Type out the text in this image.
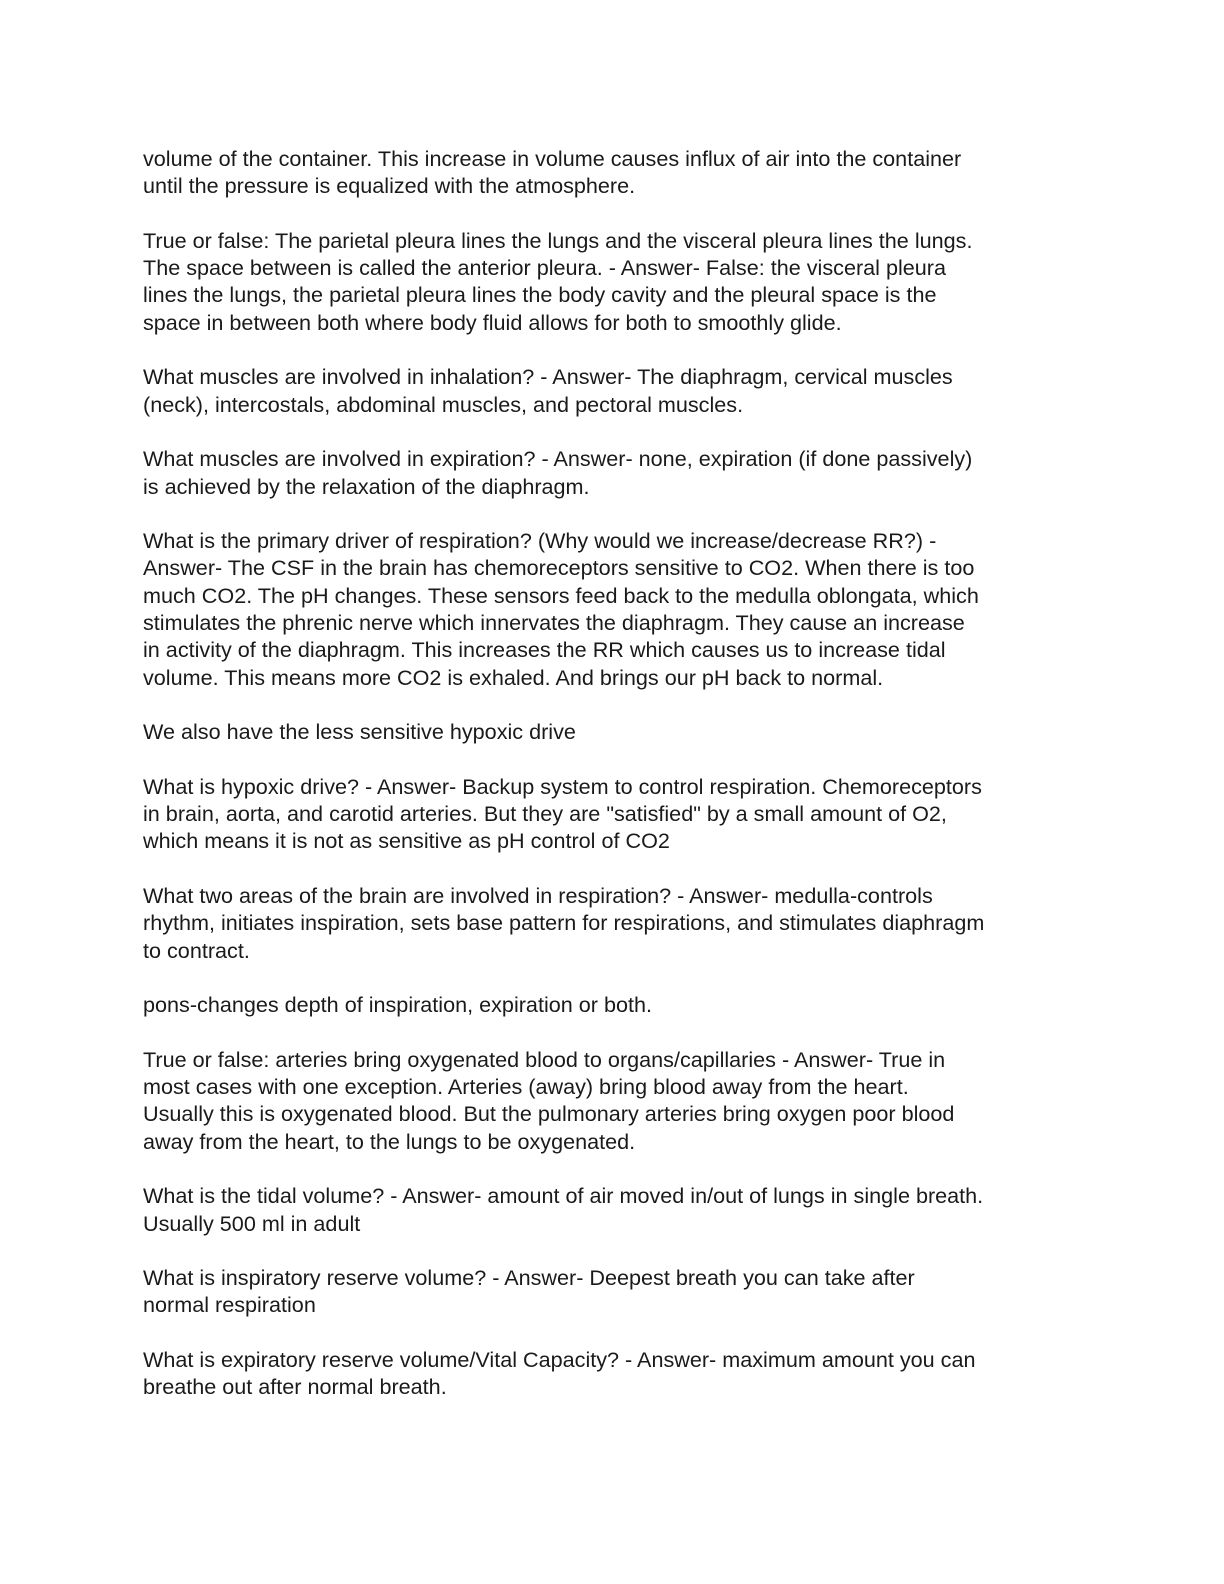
volume of the container. This increase in volume causes influx of air into the container
until the pressure is equalized with the atmosphere.

True or false: The parietal pleura lines the lungs and the visceral pleura lines the lungs.
The space between is called the anterior pleura. - Answer- False: the visceral pleura
lines the lungs, the parietal pleura lines the body cavity and the pleural space is the
space in between both where body fluid allows for both to smoothly glide.

What muscles are involved in inhalation? - Answer- The diaphragm, cervical muscles
(neck), intercostals, abdominal muscles, and pectoral muscles.

What muscles are involved in expiration? - Answer- none, expiration (if done passively)
is achieved by the relaxation of the diaphragm.

What is the primary driver of respiration? (Why would we increase/decrease RR?) -
Answer- The CSF in the brain has chemoreceptors sensitive to CO2. When there is too
much CO2. The pH changes. These sensors feed back to the medulla oblongata, which
stimulates the phrenic nerve which innervates the diaphragm. They cause an increase
in activity of the diaphragm. This increases the RR which causes us to increase tidal
volume. This means more CO2 is exhaled. And brings our pH back to normal.

We also have the less sensitive hypoxic drive

What is hypoxic drive? - Answer- Backup system to control respiration. Chemoreceptors
in brain, aorta, and carotid arteries. But they are "satisfied" by a small amount of O2,
which means it is not as sensitive as pH control of CO2

What two areas of the brain are involved in respiration? - Answer- medulla-controls
rhythm, initiates inspiration, sets base pattern for respirations, and stimulates diaphragm
to contract.

pons-changes depth of inspiration, expiration or both.

True or false: arteries bring oxygenated blood to organs/capillaries - Answer- True in
most cases with one exception. Arteries (away) bring blood away from the heart.
Usually this is oxygenated blood. But the pulmonary arteries bring oxygen poor blood
away from the heart, to the lungs to be oxygenated.

What is the tidal volume? - Answer- amount of air moved in/out of lungs in single breath.
Usually 500 ml in adult

What is inspiratory reserve volume? - Answer- Deepest breath you can take after
normal respiration

What is expiratory reserve volume/Vital Capacity? - Answer- maximum amount you can
breathe out after normal breath.
